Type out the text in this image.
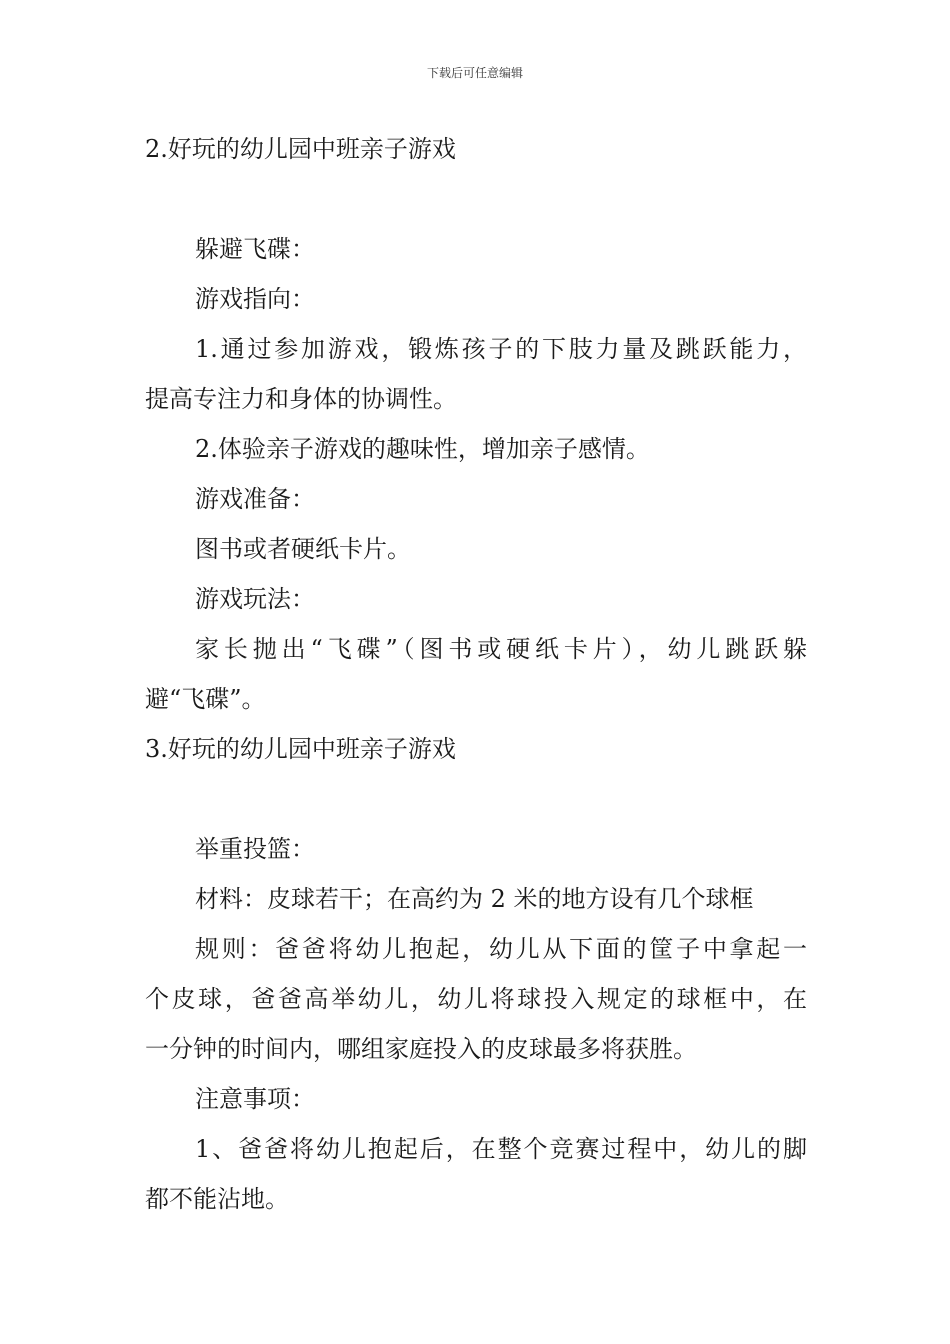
下载后可任意编辑
2.好玩的幼儿园中班亲子游戏
躲避飞碟：
游戏指向：
1.通过参加游戏，锻炼孩子的下肢力量及跳跃能力，
提高专注力和身体的协调性。
2.体验亲子游戏的趣味性，增加亲子感情。
游戏准备：
图书或者硬纸卡片。
游戏玩法：
家长抛出“飞碟”（图书或硬纸卡片），幼儿跳跃躲
避“飞碟”。
3.好玩的幼儿园中班亲子游戏
举重投篮：
材料：皮球若干；在高约为 2 米的地方设有几个球框
规则：爸爸将幼儿抱起，幼儿从下面的筐子中拿起一
个皮球，爸爸高举幼儿，幼儿将球投入规定的球框中，在
一分钟的时间内，哪组家庭投入的皮球最多将获胜。
注意事项：
1、爸爸将幼儿抱起后，在整个竞赛过程中，幼儿的脚
都不能沾地。
